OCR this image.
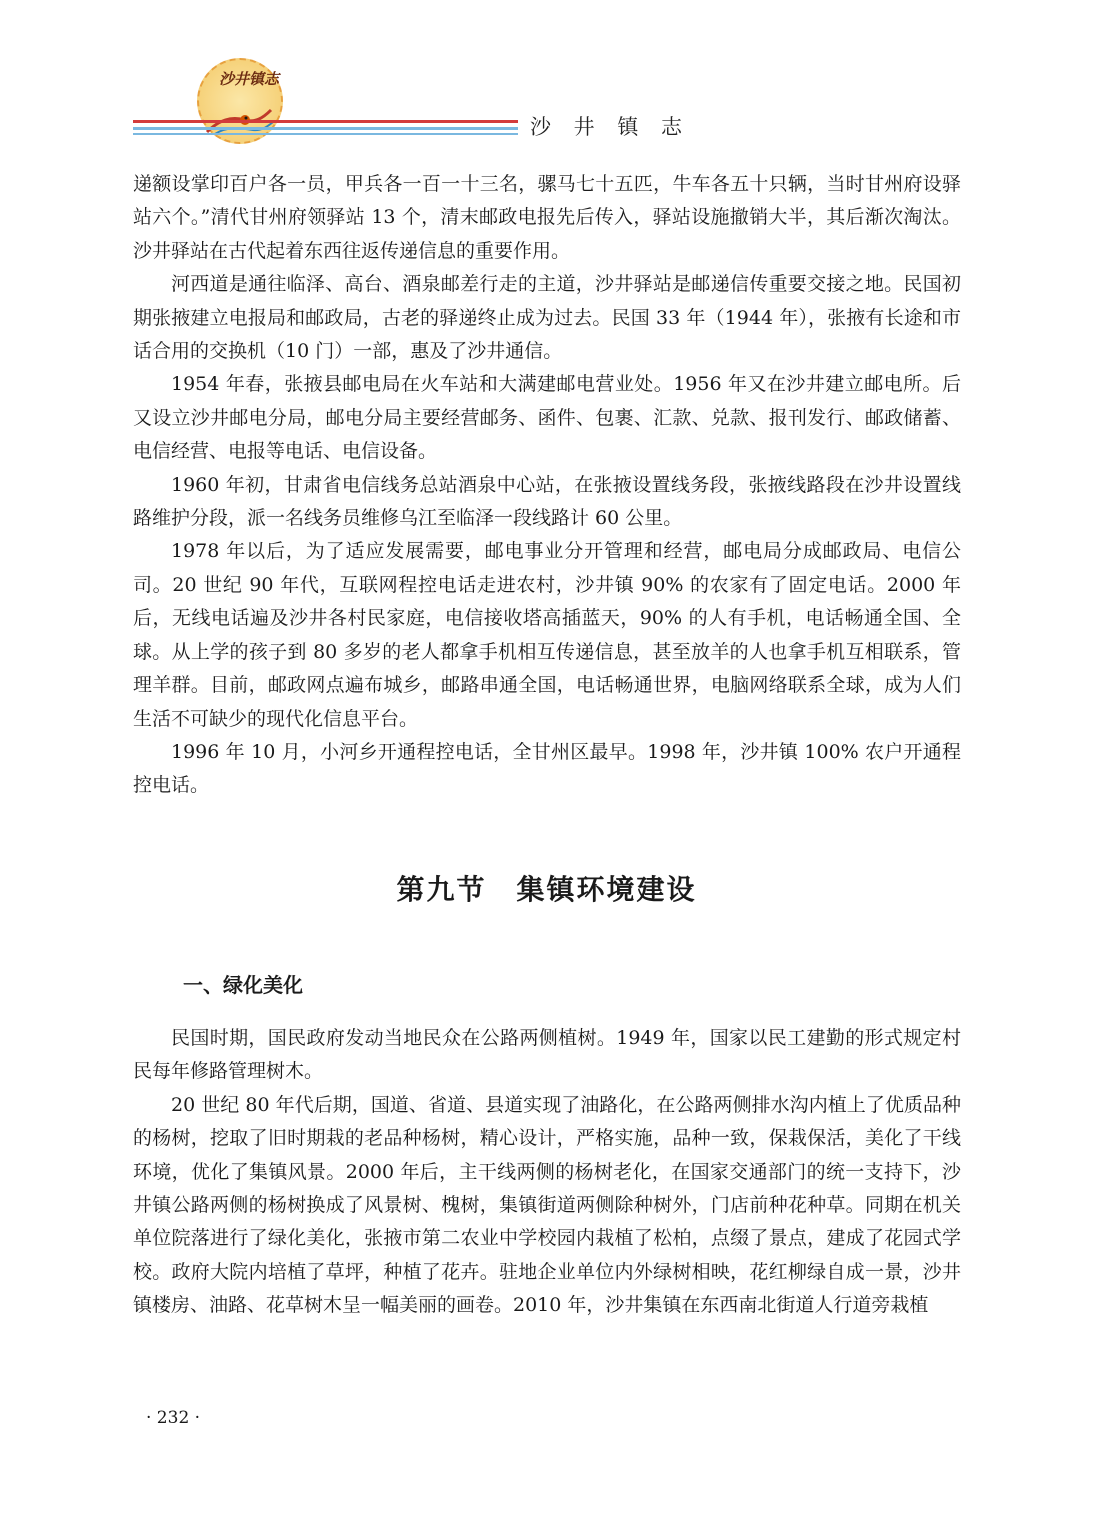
沙井镇志
沙 井 镇 志

递额设掌印百户各一员，甲兵各一百一十三名，骡马七十五匹，牛车各五十只辆，当时甘州府设驿站六个。”清代甘州府领驿站 13 个，清末邮政电报先后传入，驿站设施撤销大半，其后渐次淘汰。沙井驿站在古代起着东西往返传递信息的重要作用。

河西道是通往临泽、高台、酒泉邮差行走的主道，沙井驿站是邮递信传重要交接之地。民国初期张掖建立电报局和邮政局，古老的驿递终止成为过去。民国 33 年（1944 年），张掖有长途和市话合用的交换机（10 门）一部，惠及了沙井通信。

1954 年春，张掖县邮电局在火车站和大满建邮电营业处。1956 年又在沙井建立邮电所。后又设立沙井邮电分局，邮电分局主要经营邮务、函件、包裹、汇款、兑款、报刊发行、邮政储蓄、电信经营、电报等电话、电信设备。

1960 年初，甘肃省电信线务总站酒泉中心站，在张掖设置线务段，张掖线路段在沙井设置线路维护分段，派一名线务员维修乌江至临泽一段线路计 60 公里。

1978 年以后，为了适应发展需要，邮电事业分开管理和经营，邮电局分成邮政局、电信公司。20 世纪 90 年代，互联网程控电话走进农村，沙井镇 90% 的农家有了固定电话。2000 年后，无线电话遍及沙井各村民家庭，电信接收塔高插蓝天，90% 的人有手机，电话畅通全国、全球。从上学的孩子到 80 多岁的老人都拿手机相互传递信息，甚至放羊的人也拿手机互相联系，管理羊群。目前，邮政网点遍布城乡，邮路串通全国，电话畅通世界，电脑网络联系全球，成为人们生活不可缺少的现代化信息平台。

1996 年 10 月，小河乡开通程控电话，全甘州区最早。1998 年，沙井镇 100% 农户开通程控电话。

第九节　集镇环境建设
一、绿化美化

民国时期，国民政府发动当地民众在公路两侧植树。1949 年，国家以民工建勤的形式规定村民每年修路管理树木。

20 世纪 80 年代后期，国道、省道、县道实现了油路化，在公路两侧排水沟内植上了优质品种的杨树，挖取了旧时期栽的老品种杨树，精心设计，严格实施，品种一致，保栽保活，美化了干线环境，优化了集镇风景。2000 年后，主干线两侧的杨树老化，在国家交通部门的统一支持下，沙井镇公路两侧的杨树换成了风景树、槐树，集镇街道两侧除种树外，门店前种花种草。同期在机关单位院落进行了绿化美化，张掖市第二农业中学校园内栽植了松柏，点缀了景点，建成了花园式学校。政府大院内培植了草坪，种植了花卉。驻地企业单位内外绿树相映，花红柳绿自成一景，沙井镇楼房、油路、花草树木呈一幅美丽的画卷。2010 年，沙井集镇在东西南北街道人行道旁栽植

· 232 ·
